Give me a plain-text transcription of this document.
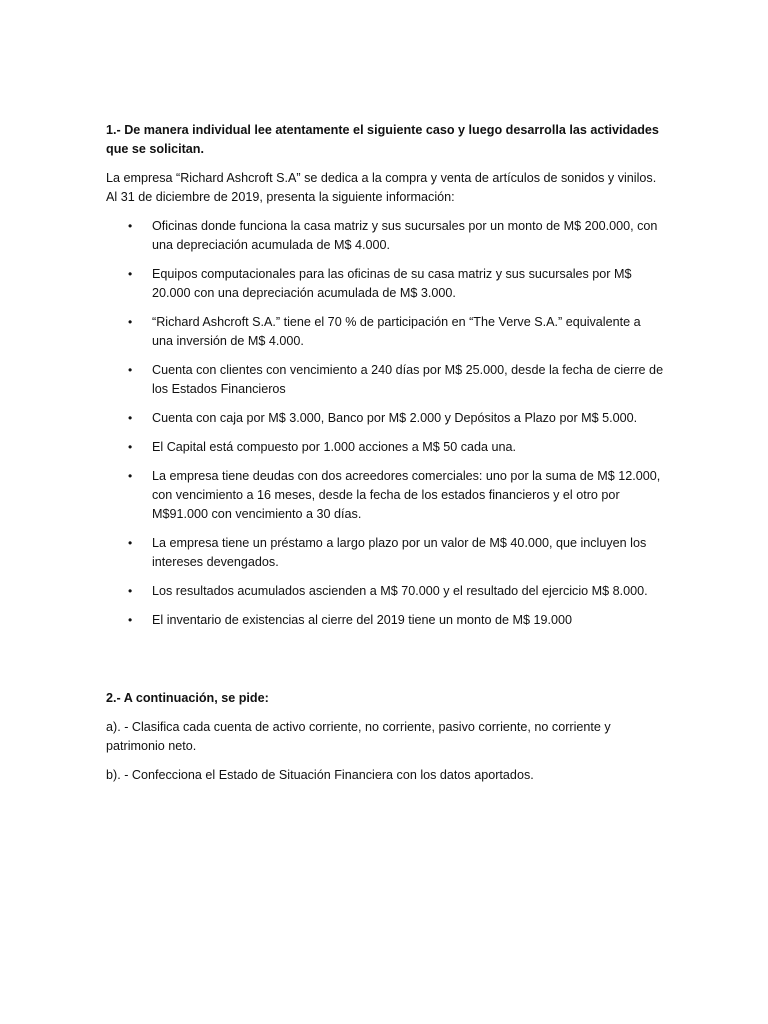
1.- De manera individual lee atentamente el siguiente caso y luego desarrolla las actividades que se solicitan.

La empresa “Richard Ashcroft S.A” se dedica a la compra y venta de artículos de sonidos y vinilos. Al 31 de diciembre de 2019, presenta la siguiente información:

• Oficinas donde funciona la casa matriz y sus sucursales por un monto de M$ 200.000, con una depreciación acumulada de M$ 4.000.
• Equipos computacionales para las oficinas de su casa matriz y sus sucursales por M$ 20.000 con una depreciación acumulada de M$ 3.000.
• “Richard Ashcroft S.A.” tiene el 70 % de participación en “The Verve S.A.” equivalente a una inversión de M$ 4.000.
• Cuenta con clientes con vencimiento a 240 días por M$ 25.000, desde la fecha de cierre de los Estados Financieros
• Cuenta con caja por M$ 3.000, Banco por M$ 2.000 y Depósitos a Plazo por M$ 5.000.
• El Capital está compuesto por 1.000 acciones a M$ 50 cada una.
• La empresa tiene deudas con dos acreedores comerciales: uno por la suma de M$ 12.000, con vencimiento a 16 meses, desde la fecha de los estados financieros y el otro por M$91.000 con vencimiento a 30 días.
• La empresa tiene un préstamo a largo plazo por un valor de M$ 40.000, que incluyen los intereses devengados.
• Los resultados acumulados ascienden a M$ 70.000 y el resultado del ejercicio M$ 8.000.
• El inventario de existencias al cierre del 2019 tiene un monto de M$ 19.000

2.- A continuación, se pide:

a). - Clasifica cada cuenta de activo corriente, no corriente, pasivo corriente, no corriente y patrimonio neto.

b). - Confecciona el Estado de Situación Financiera con los datos aportados.
